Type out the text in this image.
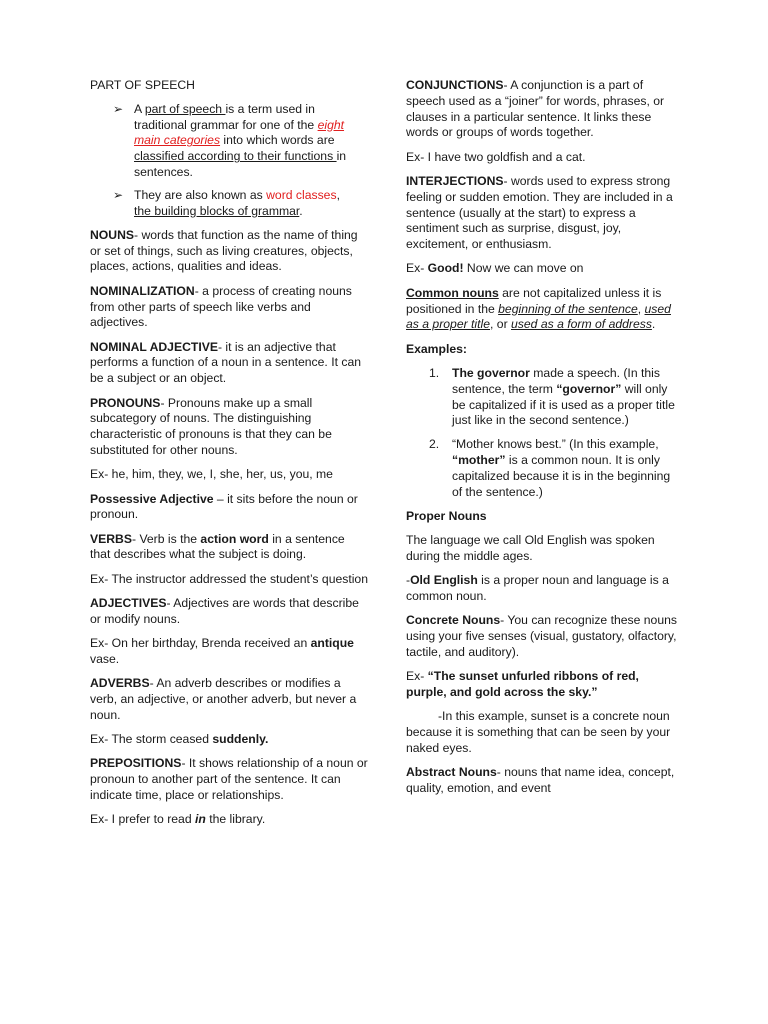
PART OF SPEECH

➢ A part of speech is a term used in traditional grammar for one of the eight main categories into which words are classified according to their functions in sentences.
➢ They are also known as word classes, the building blocks of grammar.

NOUNS- words that function as the name of thing or set of things, such as living creatures, objects, places, actions, qualities and ideas.

NOMINALIZATION- a process of creating nouns from other parts of speech like verbs and adjectives.

NOMINAL ADJECTIVE- it is an adjective that performs a function of a noun in a sentence. It can be a subject or an object.

PRONOUNS- Pronouns make up a small subcategory of nouns. The distinguishing characteristic of pronouns is that they can be substituted for other nouns.

Ex- he, him, they, we, I, she, her, us, you, me

Possessive Adjective – it sits before the noun or pronoun.

VERBS- Verb is the action word in a sentence that describes what the subject is doing.

Ex- The instructor addressed the student’s question

ADJECTIVES- Adjectives are words that describe or modify nouns.

Ex- On her birthday, Brenda received an antique vase.

ADVERBS- An adverb describes or modifies a verb, an adjective, or another adverb, but never a noun.

Ex- The storm ceased suddenly.

PREPOSITIONS- It shows relationship of a noun or pronoun to another part of the sentence. It can indicate time, place or relationships.

Ex- I prefer to read in the library.

CONJUNCTIONS- A conjunction is a part of speech used as a “joiner” for words, phrases, or clauses in a particular sentence. It links these words or groups of words together.

Ex- I have two goldfish and a cat.

INTERJECTIONS- words used to express strong feeling or sudden emotion. They are included in a sentence (usually at the start) to express a sentiment such as surprise, disgust, joy, excitement, or enthusiasm.

Ex- Good! Now we can move on

Common nouns are not capitalized unless it is positioned in the beginning of the sentence, used as a proper title, or used as a form of address.

Examples:

1. The governor made a speech. (In this sentence, the term “governor” will only be capitalized if it is used as a proper title just like in the second sentence.)
2. “Mother knows best.” (In this example, “mother” is a common noun. It is only capitalized because it is in the beginning of the sentence.)

Proper Nouns

The language we call Old English was spoken during the middle ages.

-Old English is a proper noun and language is a common noun.

Concrete Nouns- You can recognize these nouns using your five senses (visual, gustatory, olfactory, tactile, and auditory).

Ex- “The sunset unfurled ribbons of red, purple, and gold across the sky.”

-In this example, sunset is a concrete noun because it is something that can be seen by your naked eyes.

Abstract Nouns- nouns that name idea, concept, quality, emotion, and event
